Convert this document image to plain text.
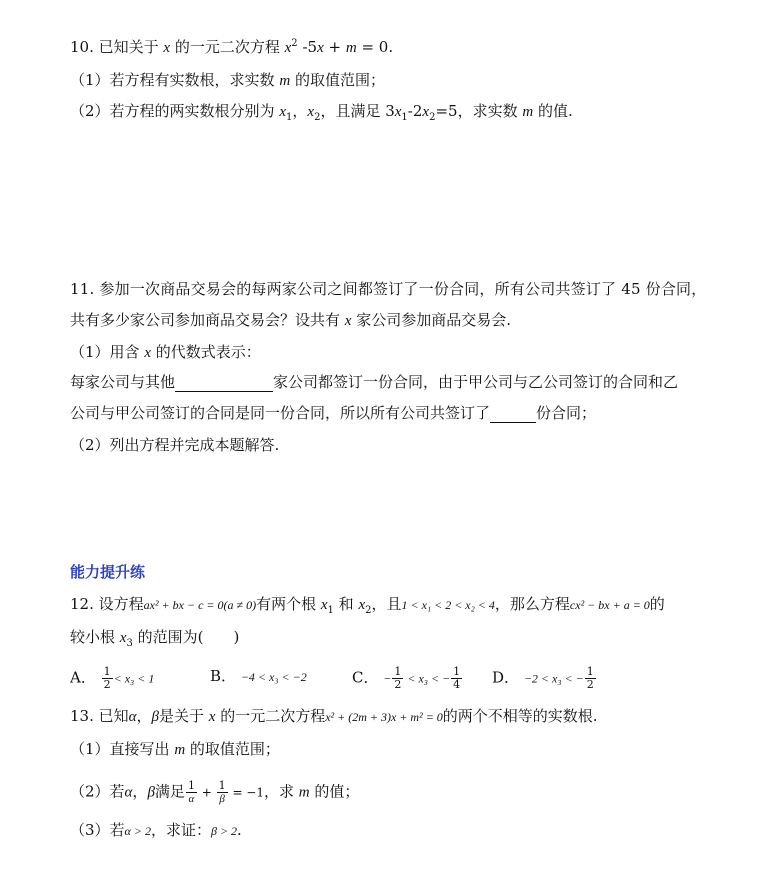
10. 已知关于 x 的一元二次方程 $x^2$ -5x + m = 0.
（1）若方程有实数根，求实数 m 的取值范围；
（2）若方程的两实数根分别为 $x_1$，$x_2$，且满足 $3x_1-2x_2=5$，求实数 m 的值.
11. 参加一次商品交易会的每两家公司之间都签订了一份合同，所有公司共签订了 45 份合同，
共有多少家公司参加商品交易会？设共有 x 家公司参加商品交易会.
（1）用含 x 的代数式表示：
每家公司与其他	家公司都签订一份合同，由于甲公司与乙公司签订的合同和乙
公司与甲公司签订的合同是同一份合同，所以所有公司共签订了	份合同；
（2）列出方程并完成本题解答.
能力提升练
12. 设方程ax² + bx − c = 0(a ≠ 0)有两个根 $x_1$ 和 $x_2$，且1 < x₁ < 2 < x₂ < 4，那么方程cx² − bx + a = 0的
较小根 $x_3$ 的范围为(　　)
A． $\frac{1}{2} < x_3 < 1$	B． −4 < x₃ < −2	C． − $\frac{1}{2} < x_3$ < − $\frac{1}{4}$ D． −2 < x₃ < − $\frac{1}{2}$
13. 已知α，β是关于 x 的一元二次方程x² + (2m + 3)x + m² = 0的两个不相等的实数根.
（1）直接写出 m 的取值范围；
（2）若α，β满足 $\frac{1}{\alpha} + \frac{1}{\beta} = -1$，求 m 的值；
（3）若α > 2，求证：β > 2.
